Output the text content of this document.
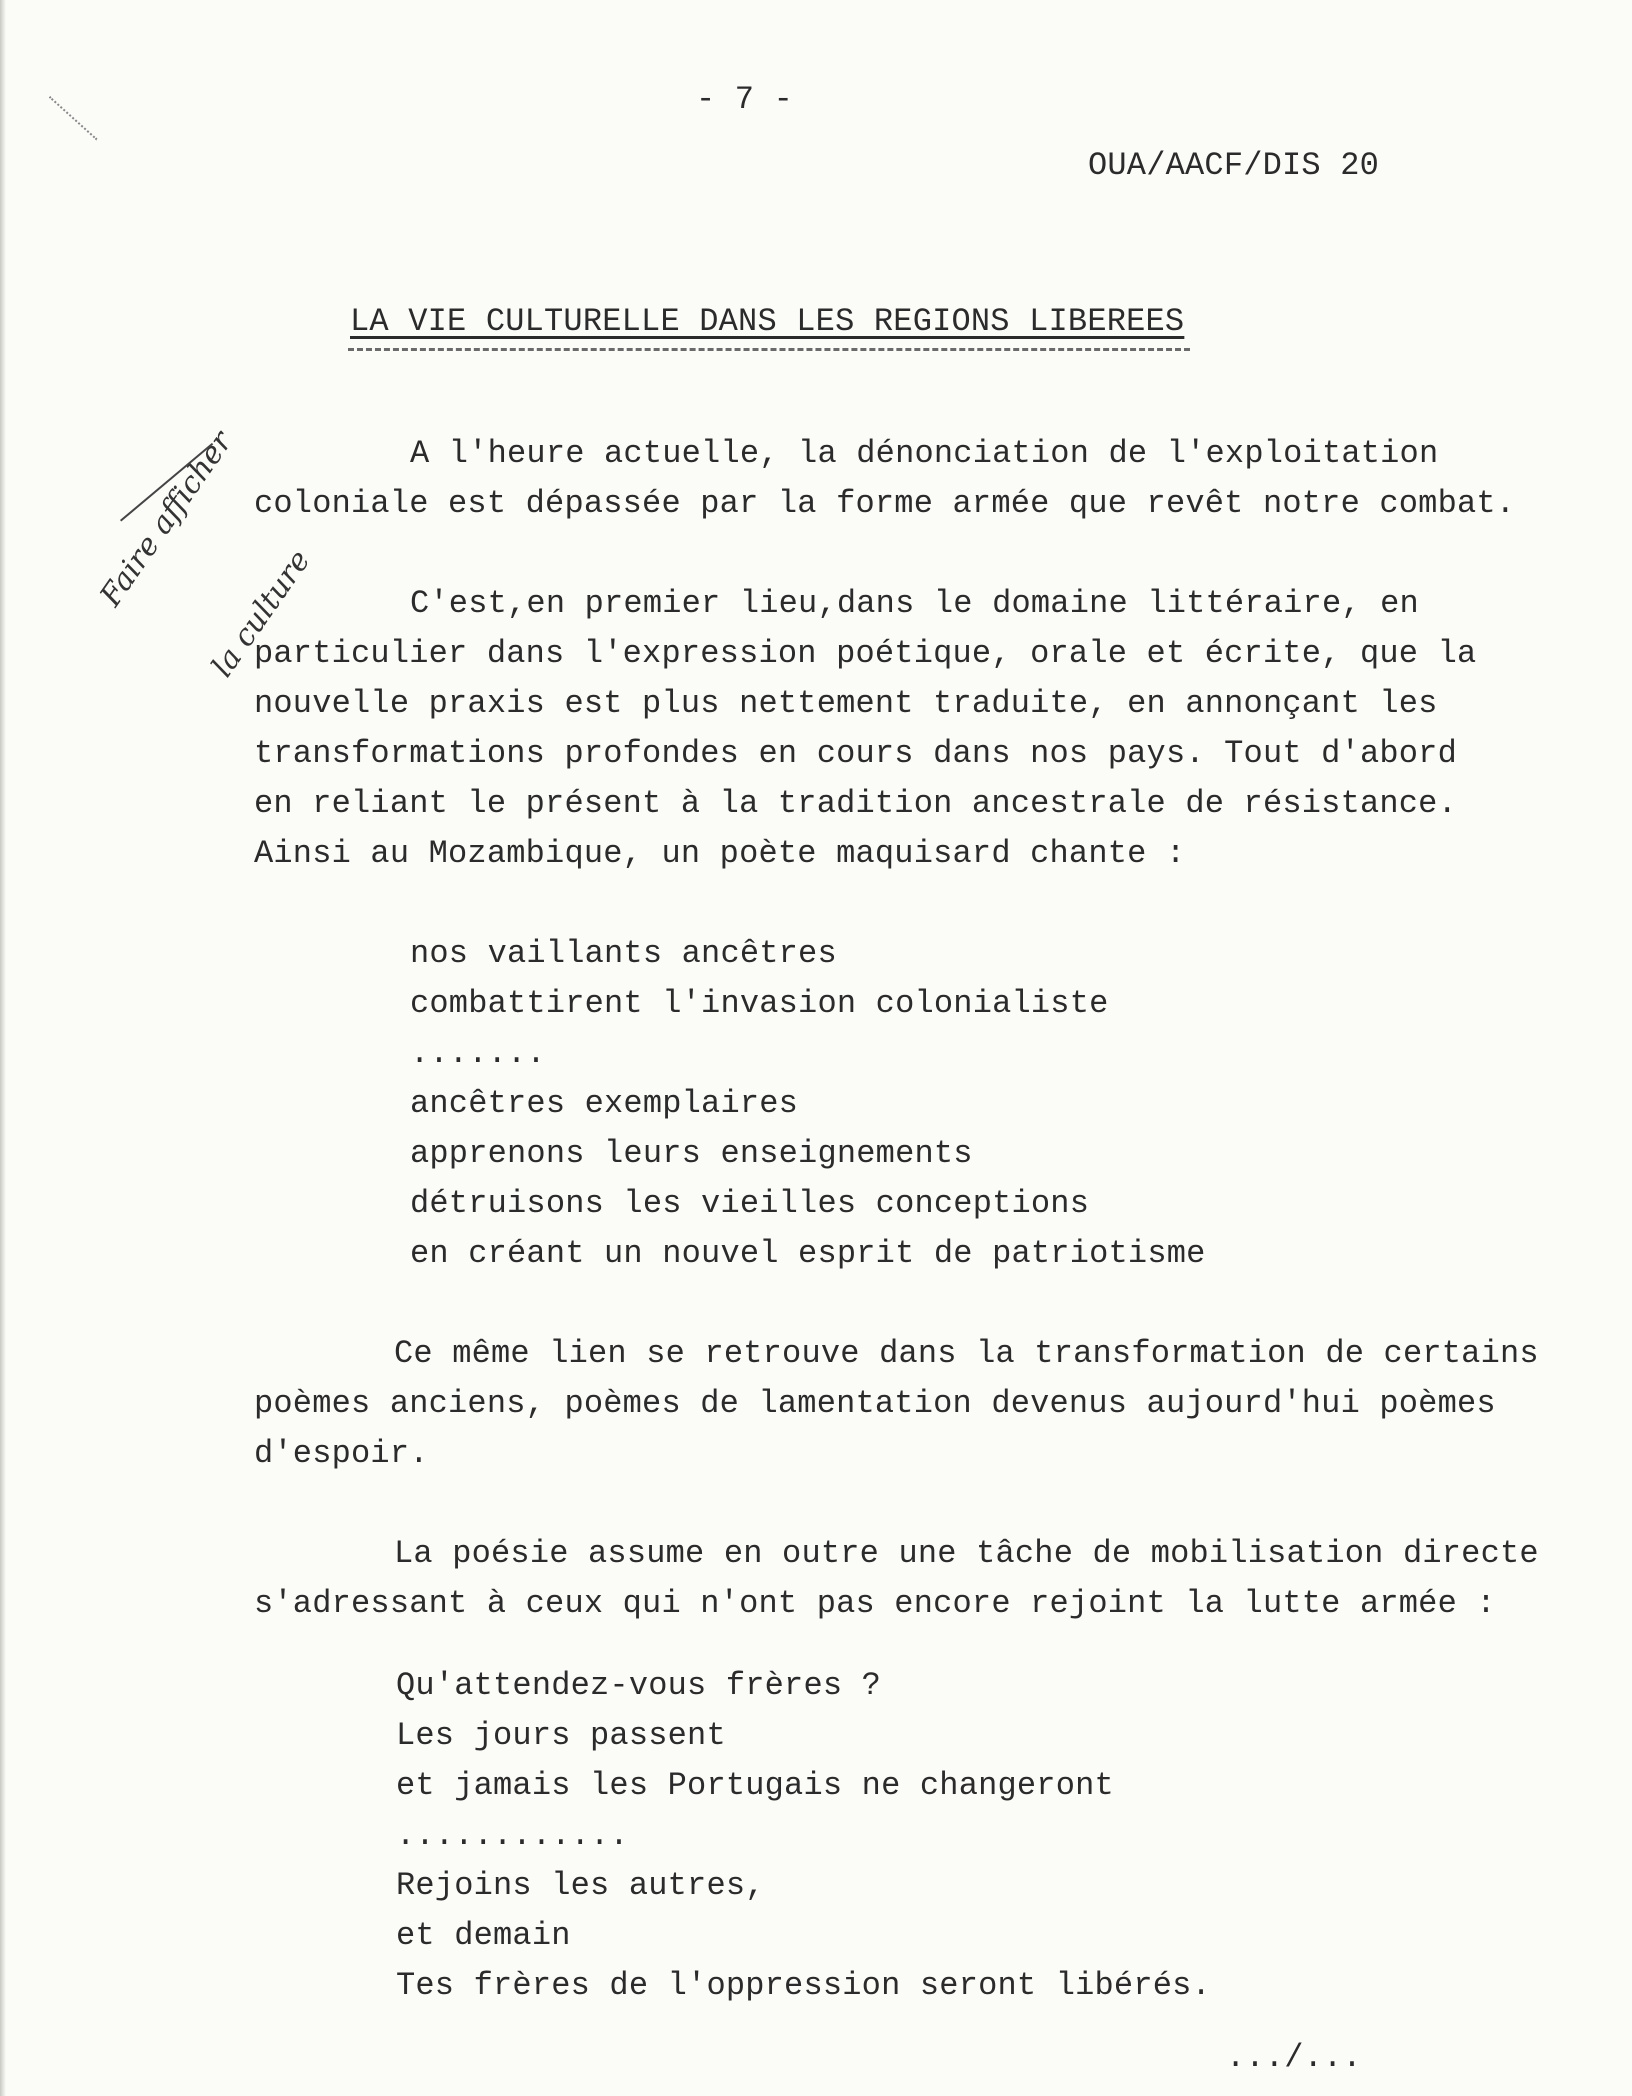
- 7 -
OUA/AACF/DIS 20
LA VIE CULTURELLE DANS LES REGIONS LIBEREES

Faire afficher

la culture

A l'heure actuelle, la dénonciation de l'exploitation
coloniale est dépassée par la forme armée que revêt notre combat.
C'est,en premier lieu,dans le domaine littéraire, en
particulier dans l'expression poétique, orale et écrite, que la
nouvelle praxis est plus nettement traduite, en annonçant les
transformations profondes en cours dans nos pays. Tout d'abord
en reliant le présent à la tradition ancestrale de résistance.
Ainsi au Mozambique, un poète maquisard chante :
nos vaillants ancêtres
combattirent l'invasion colonialiste
.......
ancêtres exemplaires
apprenons leurs enseignements
détruisons les vieilles conceptions
en créant un nouvel esprit de patriotisme
Ce même lien se retrouve dans la transformation de certains
poèmes anciens, poèmes de lamentation devenus aujourd'hui poèmes
d'espoir.
La poésie assume en outre une tâche de mobilisation directe
s'adressant à ceux qui n'ont pas encore rejoint la lutte armée :
Qu'attendez-vous frères ?
Les jours passent
et jamais les Portugais ne changeront
............
Rejoins les autres,
et demain
Tes frères de l'oppression seront libérés.
.../...
